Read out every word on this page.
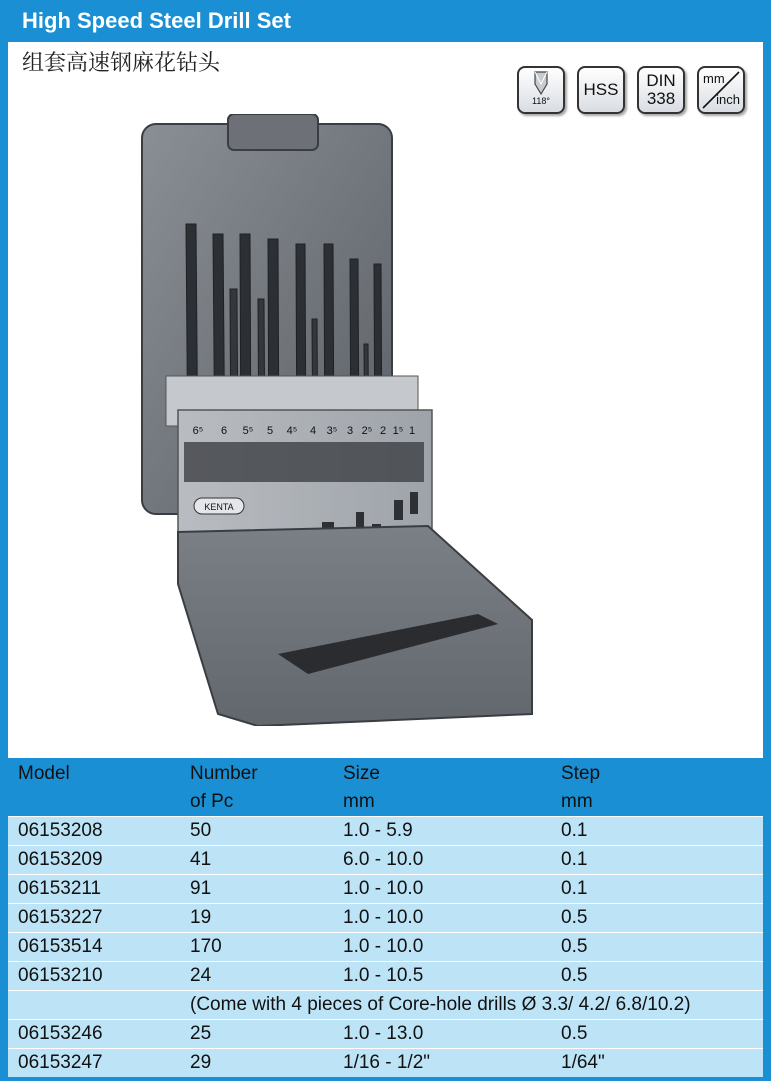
High Speed Steel Drill Set
组套高速钢麻花钻头
118°
HSS DIN
338
mm
inch
6⁵ 6 5⁵ 5 4⁵ 4 3⁵ 3 2⁵ 2 1⁵ 1
KENTA
Model	Number	Size	Step
	of Pc	mm	mm
06153208	50	1.0 - 5.9	0.1
06153209	41	6.0 - 10.0	0.1
06153211	91	1.0 - 10.0	0.1
06153227	19	1.0 - 10.0	0.5
06153514	170	1.0 - 10.0	0.5
06153210	24	1.0 - 10.5	0.5
	(Come with 4 pieces of Core-hole drills Ø 3.3/ 4.2/ 6.8/10.2)		
06153246	25	1.0 - 13.0	0.5
06153247	29	1/16 - 1/2"	1/64"
